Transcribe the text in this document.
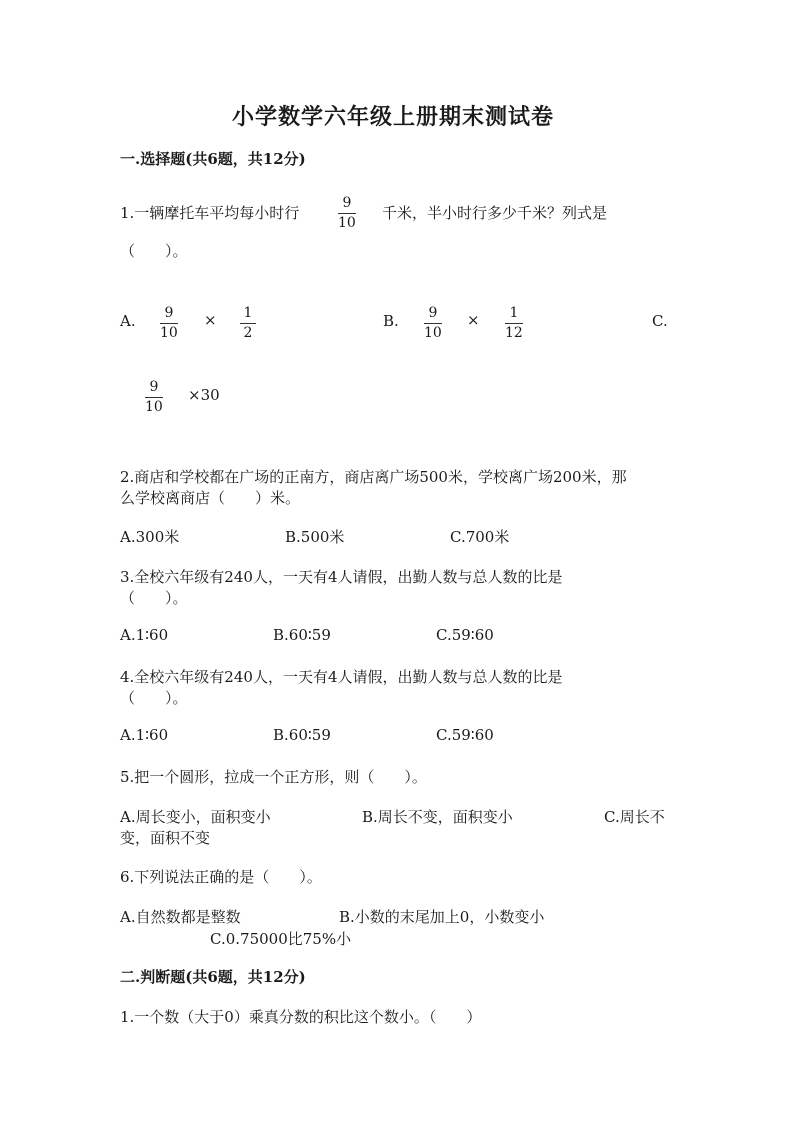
小学数学六年级上册期末测试卷
一.选择题(共6题，共12分)
1.一辆摩托车平均每小时行
9
10
千米，半小时行多少千米？列式是
（　　）。
A. 9
10
× 1
2
B. 9
10
× 1
12
C.
9
10
×30
2.商店和学校都在广场的正南方，商店离广场500米，学校离广场200米，那
么学校离商店（　　）米。
A.300米	B.500米	C.700米
3.全校六年级有240人，一天有4人请假，出勤人数与总人数的比是
（　　）。
A.1∶60	B.60∶59	C.59∶60
4.全校六年级有240人，一天有4人请假，出勤人数与总人数的比是
（　　）。
A.1∶60	B.60∶59	C.59∶60
5.把一个圆形，拉成一个正方形，则（　　）。
A.周长变小，面积变小	B.周长不变，面积变小	C.周长不
变，面积不变
6.下列说法正确的是（　　）。
A.自然数都是整数	B.小数的末尾加上0，小数变小
C.0.75000比75%小
二.判断题(共6题，共12分)
1.一个数（大于0）乘真分数的积比这个数小。（　　）
